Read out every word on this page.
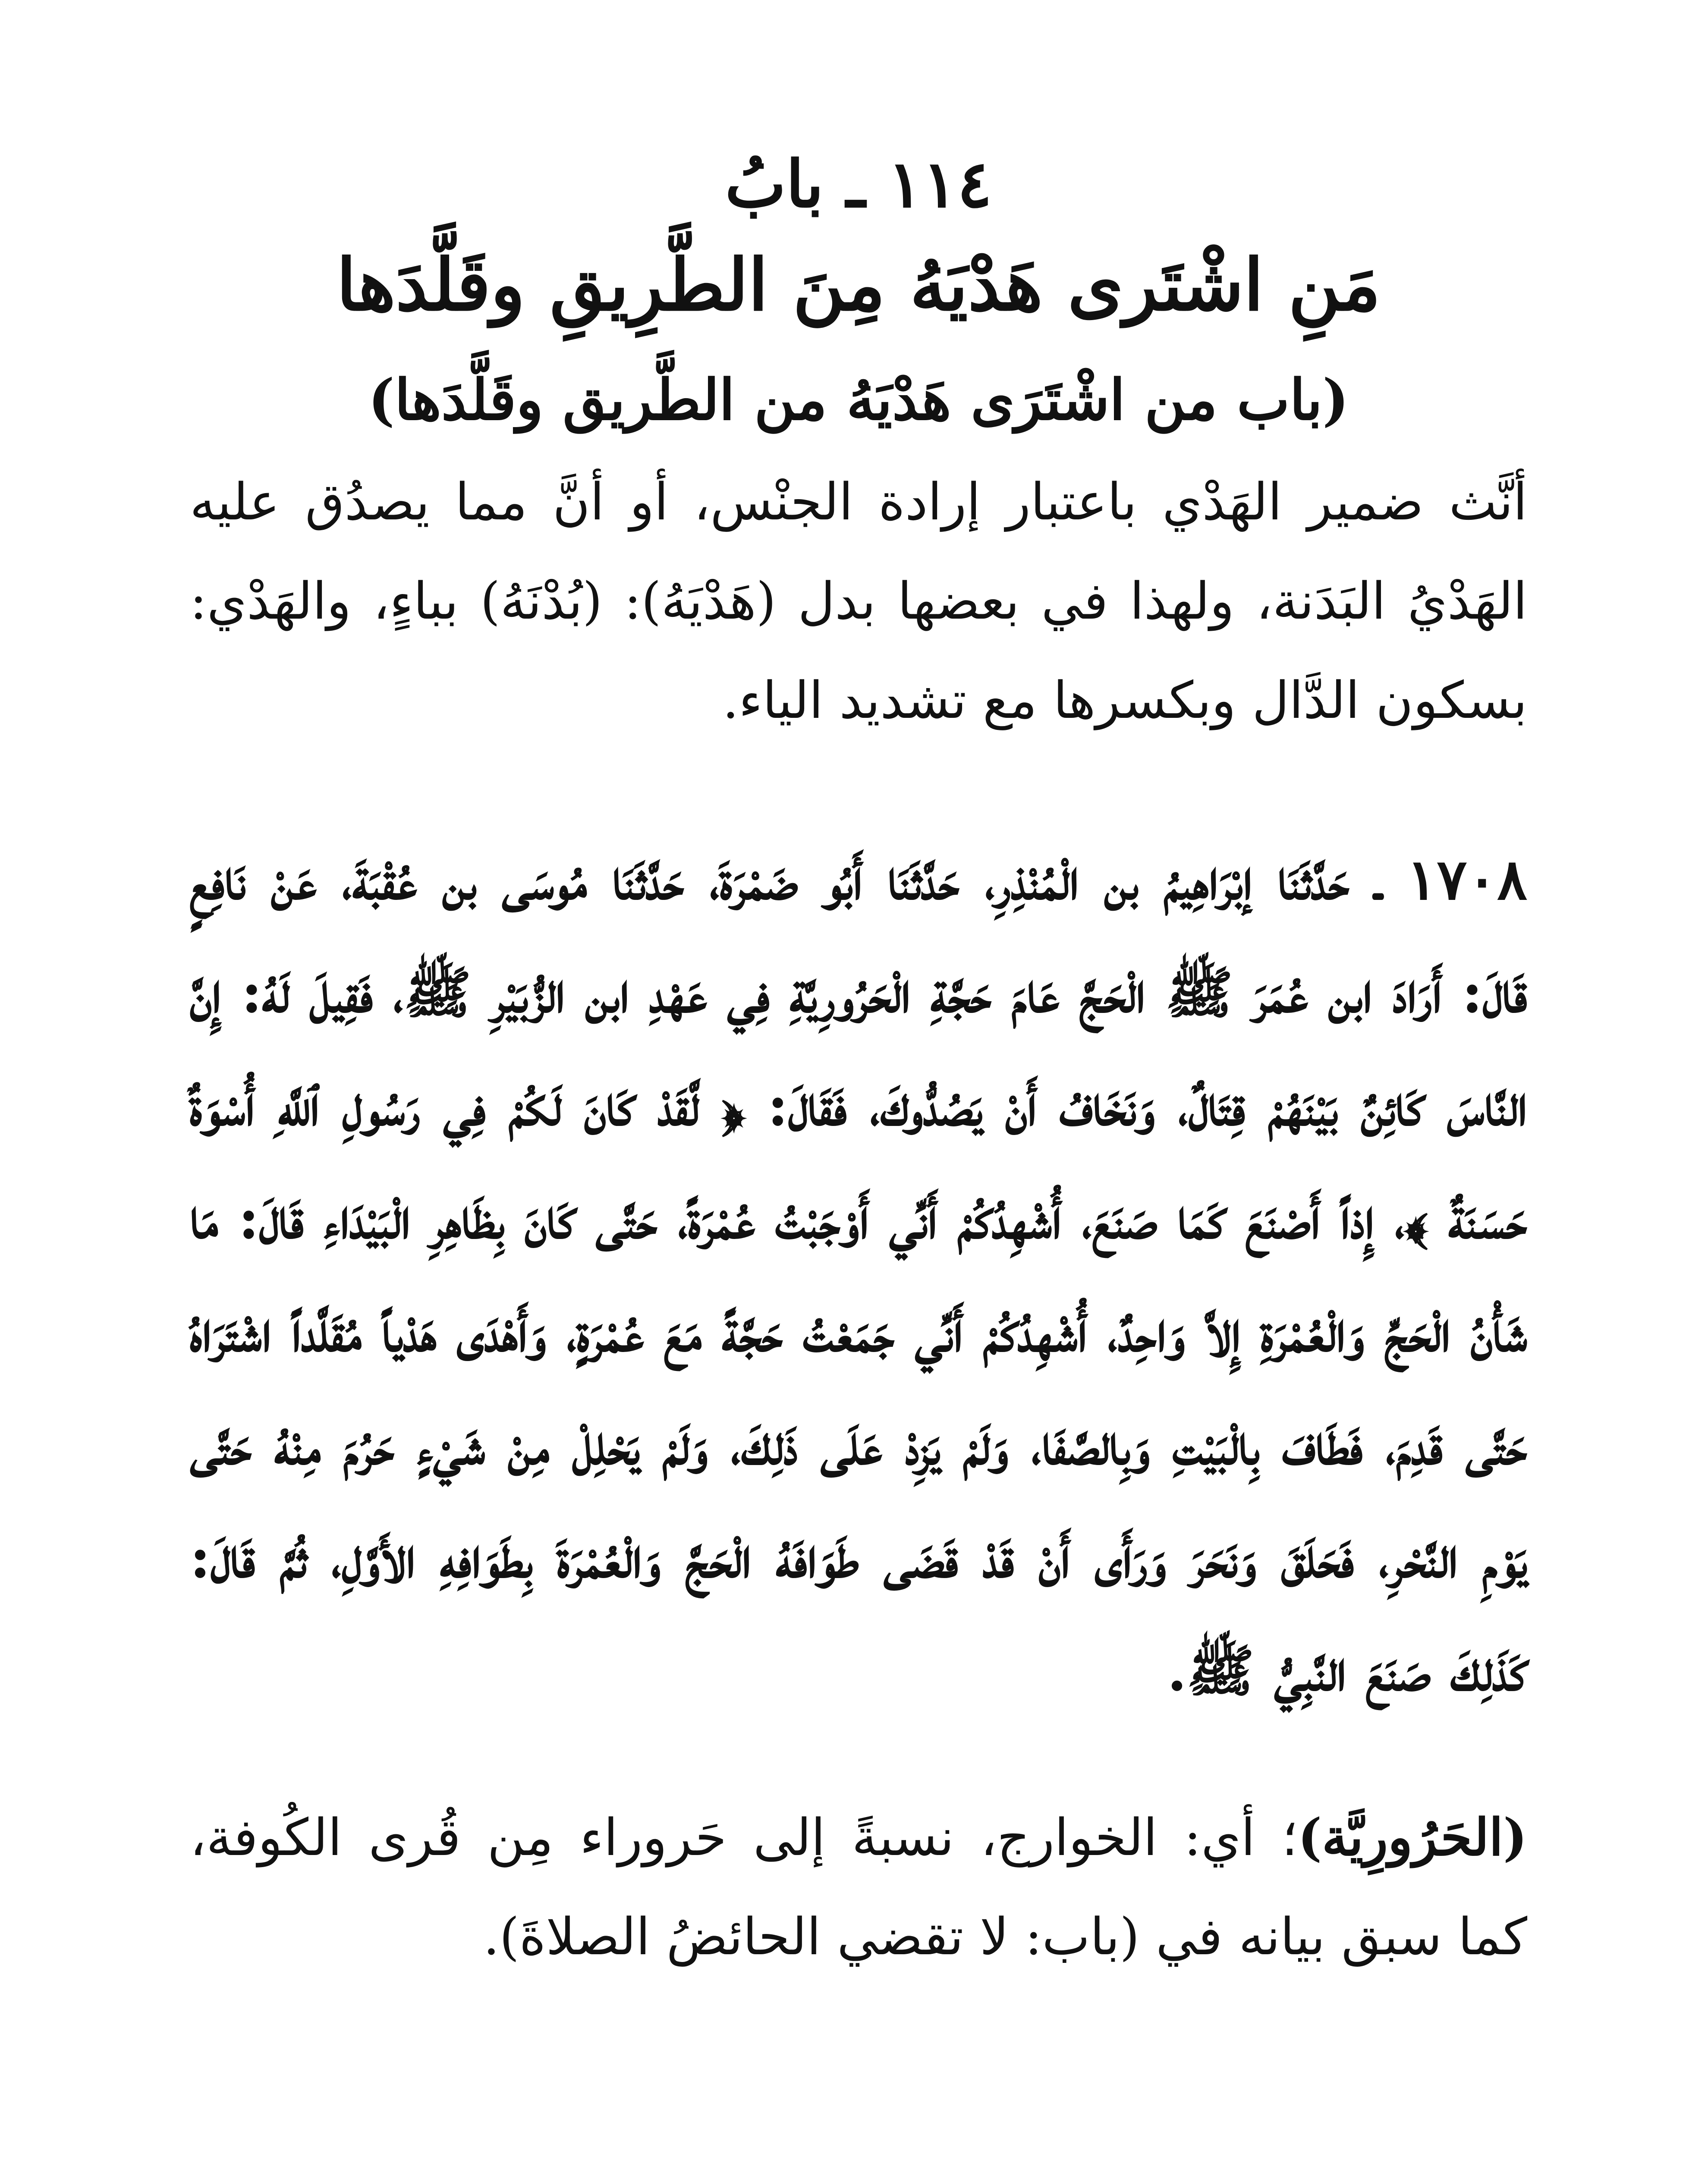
١١٤ ـ بابُ
مَنِ اشْتَرى هَدْيَهُ مِنَ الطَّرِيقِ وقَلَّدَها
(باب من اشْتَرَى هَدْيَهُ من الطَّريق وقَلَّدَها)

أنَّث ضمير الهَدْي باعتبار إرادة الجنْس، أو أنَّ مما يصدُق عليه الهَدْيُ البَدَنة، ولهذا في بعضها بدل (هَدْيَهُ): (بُدْنَهُ) بباءٍ، والهَدْي: بسكون الدَّال وبكسرها مع تشديد الياء.

١٧٠٨ ـ حَدَّثَنَا إبْرَاهِيمُ بن الْمُنْذِرِ، حَدَّثَنَا أَبُو ضَمْرَةَ، حَدَّثَنَا مُوسَى بن عُقْبَةَ، عَنْ نَافِعٍ قَالَ: أَرَادَ ابن عُمَرَ ﷺ الْحَجَّ عَامَ حَجَّةِ الْحَرُورِيَّةِ فِي عَهْدِ ابن الزُّبَيْرِ ﷺ، فَقِيلَ لَهُ: إِنَّ النَّاسَ كَائِنٌ بَيْنَهُمْ قِتَالٌ، وَنَخَافُ أَنْ يَصُدُّوكَ، فَقَالَ: ﴿ لَّقَدْ كَانَ لَكُمْ فِي رَسُولِ ٱللَّهِ أُسْوَةٌ حَسَنَةٌ ﴾، إِذاً أَصْنَعَ كَمَا صَنَعَ، أُشْهِدُكُمْ أَنِّي أَوْجَبْتُ عُمْرَةً، حَتَّى كَانَ بِظَاهِرِ الْبَيْدَاءِ قَالَ: مَا شَأْنُ الْحَجِّ وَالْعُمْرَةِ إِلاَّ وَاحِدٌ، أُشْهِدُكُمْ أَنِّي جَمَعْتُ حَجَّةً مَعَ عُمْرَةٍ، وَأَهْدَى هَدْياً مُقَلَّداً اشْتَرَاهُ حَتَّى قَدِمَ، فَطَافَ بِالْبَيْتِ وَبِالصَّفَا، وَلَمْ يَزِدْ عَلَى ذَلِكَ، وَلَمْ يَحْلِلْ مِنْ شَيْءٍ حَرُمَ مِنْهُ حَتَّى يَوْمِ النَّحْرِ، فَحَلَقَ وَنَحَرَ وَرَأَى أَنْ قَدْ قَضَى طَوَافَهُ الْحَجَّ وَالْعُمْرَةَ بِطَوَافِهِ الأَوَّلِ، ثُمَّ قَالَ: كَذَلِكَ صَنَعَ النَّبِيُّ ﷺ.

(الحَرُورِيَّة)؛ أي: الخوارج، نسبةً إلى حَروراء مِن قُرى الكُوفة، كما سبق بيانه في (باب: لا تقضي الحائضُ الصلاةَ).
